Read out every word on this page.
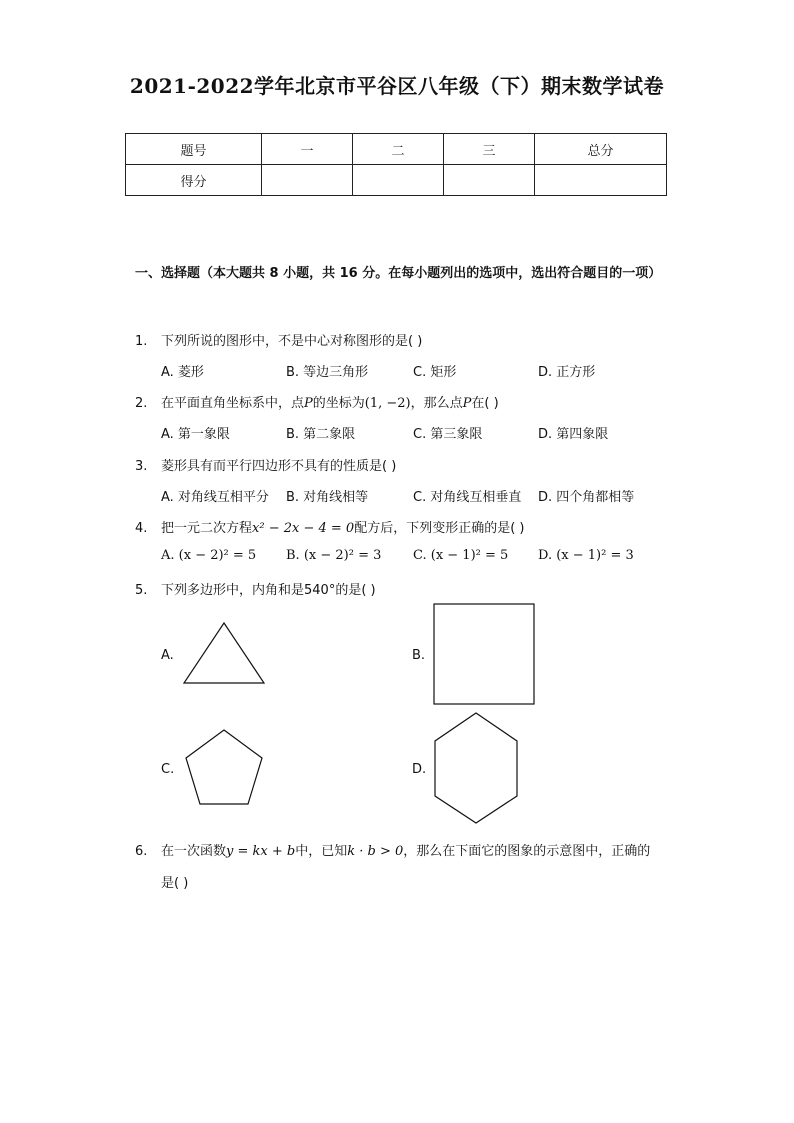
2021-2022学年北京市平谷区八年级（下）期末数学试卷
题号	一	二	三	总分
得分				
一、选择题（本大题共 8 小题，共 16 分。在每小题列出的选项中，选出符合题目的一项）
1. 下列所说的图形中，不是中心对称图形的是( )
A. 菱形	B. 等边三角形	C. 矩形	D. 正方形
2. 在平面直角坐标系中，点P的坐标为(1, −2)，那么点P在( )
A. 第一象限	B. 第二象限	C. 第三象限	D. 第四象限
3. 菱形具有而平行四边形不具有的性质是( )
A. 对角线互相平分 B. 对角线相等	C. 对角线互相垂直 D. 四个角都相等
4. 把一元二次方程x² − 2x − 4 = 0配方后，下列变形正确的是( )
A. (x − 2)² = 5 B. (x − 2)² = 3 C. (x − 1)² = 5 D. (x − 1)² = 3
5. 下列多边形中，内角和是540°的是( )
A.	B.
C.	D.
6. 在一次函数y = kx + b中，已知k · b > 0，那么在下面它的图象的示意图中，正确的
是( )
